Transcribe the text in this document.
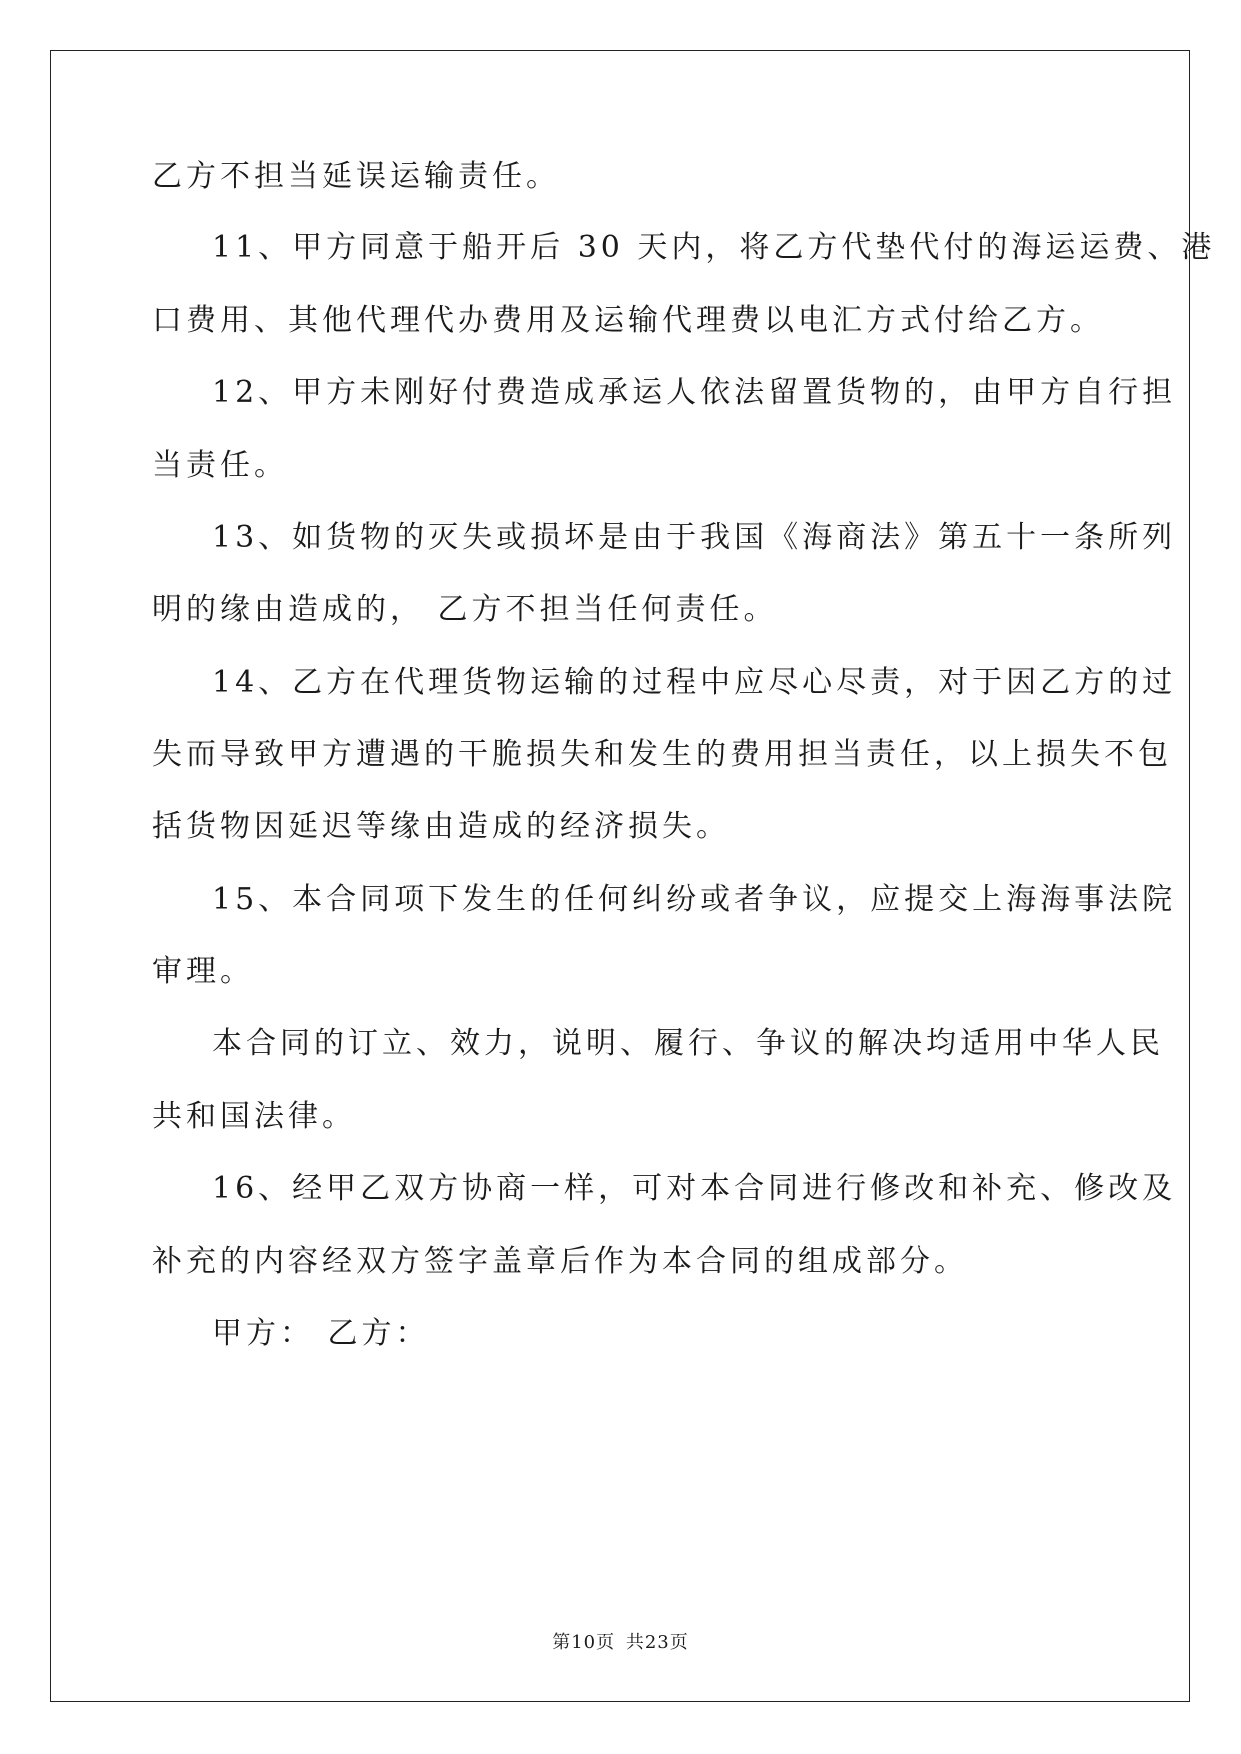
乙方不担当延误运输责任。
11、甲方同意于船开后 30 天内，将乙方代垫代付的海运运费、港
口费用、其他代理代办费用及运输代理费以电汇方式付给乙方。
12、甲方未刚好付费造成承运人依法留置货物的，由甲方自行担
当责任。
13、如货物的灭失或损坏是由于我国《海商法》第五十一条所列
明的缘由造成的， 乙方不担当任何责任。
14、乙方在代理货物运输的过程中应尽心尽责，对于因乙方的过
失而导致甲方遭遇的干脆损失和发生的费用担当责任，以上损失不包
括货物因延迟等缘由造成的经济损失。
15、本合同项下发生的任何纠纷或者争议，应提交上海海事法院
审理。
本合同的订立、效力，说明、履行、争议的解决均适用中华人民
共和国法律。
16、经甲乙双方协商一样，可对本合同进行修改和补充、修改及
补充的内容经双方签字盖章后作为本合同的组成部分。
甲方： 乙方：
第10页 共23页
